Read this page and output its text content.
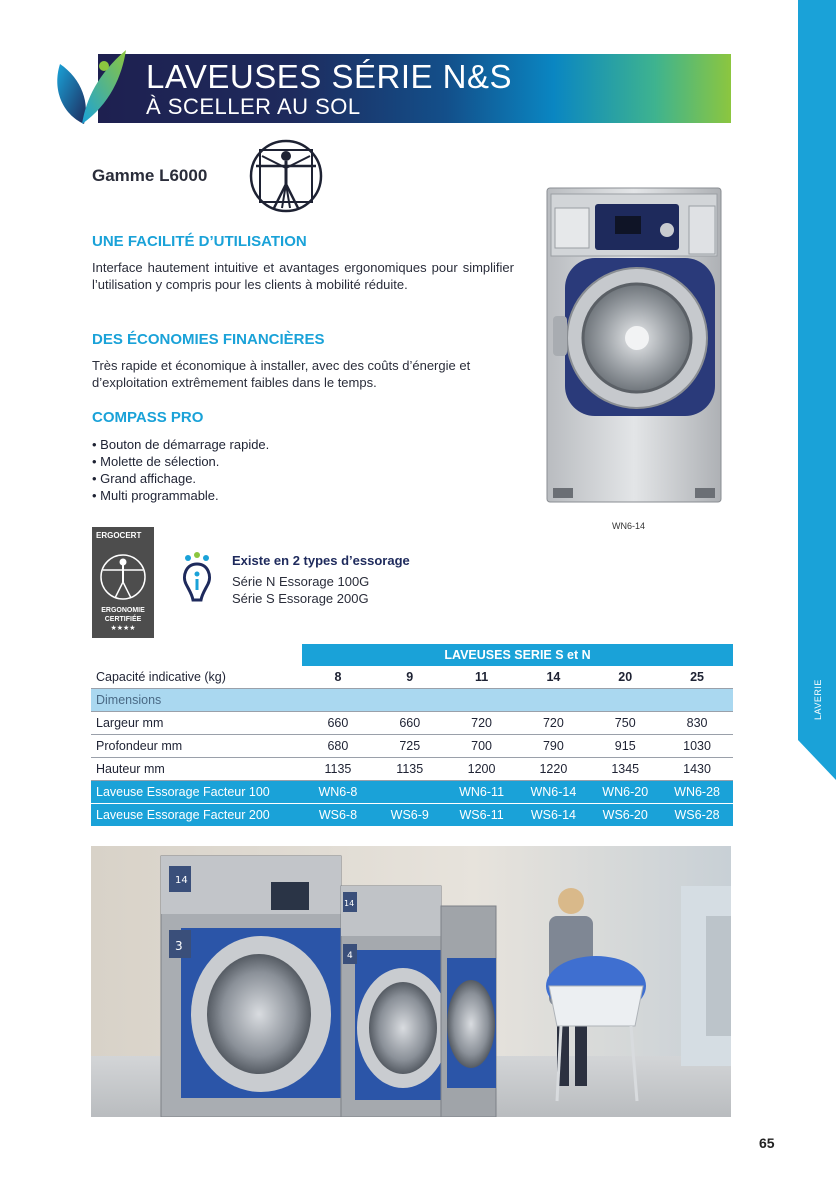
LAVERIE
LAVEUSES SÉRIE N&S
À SCELLER AU SOL
Gamme L6000
UNE FACILITÉ D’UTILISATION
Interface hautement intuitive et avantages ergonomiques pour simplifier l’utilisation y compris pour les clients à mobilité réduite.
DES ÉCONOMIES FINANCIÈRES
Très rapide et économique à installer, avec des coûts d’énergie et d’exploitation extrêmement faibles dans le temps.
COMPASS PRO
• Bouton de démarrage rapide.
• Molette de sélection.
• Grand affichage.
• Multi programmable.
WN6-14
ERGOCERT
ERGONOMIE
CERTIFIÉE
★★★★
Existe en 2 types d’essorage
Série N Essorage 100G
Série S Essorage 200G
	LAVEUSES SERIE S et N					
Capacité indicative (kg)	8	9	11	14	20	25
Dimensions						
Largeur mm	660	660	720	720	750	830
Profondeur mm	680	725	700	790	915	1030
Hauteur mm	1135	1135	1200	1220	1345	1430
Laveuse Essorage Facteur 100	WN6-8		WN6-11	WN6-14	WN6-20	WN6-28
Laveuse Essorage Facteur 200	WS6-8	WS6-9	WS6-11	WS6-14	WS6-20	WS6-28
14
3
14
4
65
